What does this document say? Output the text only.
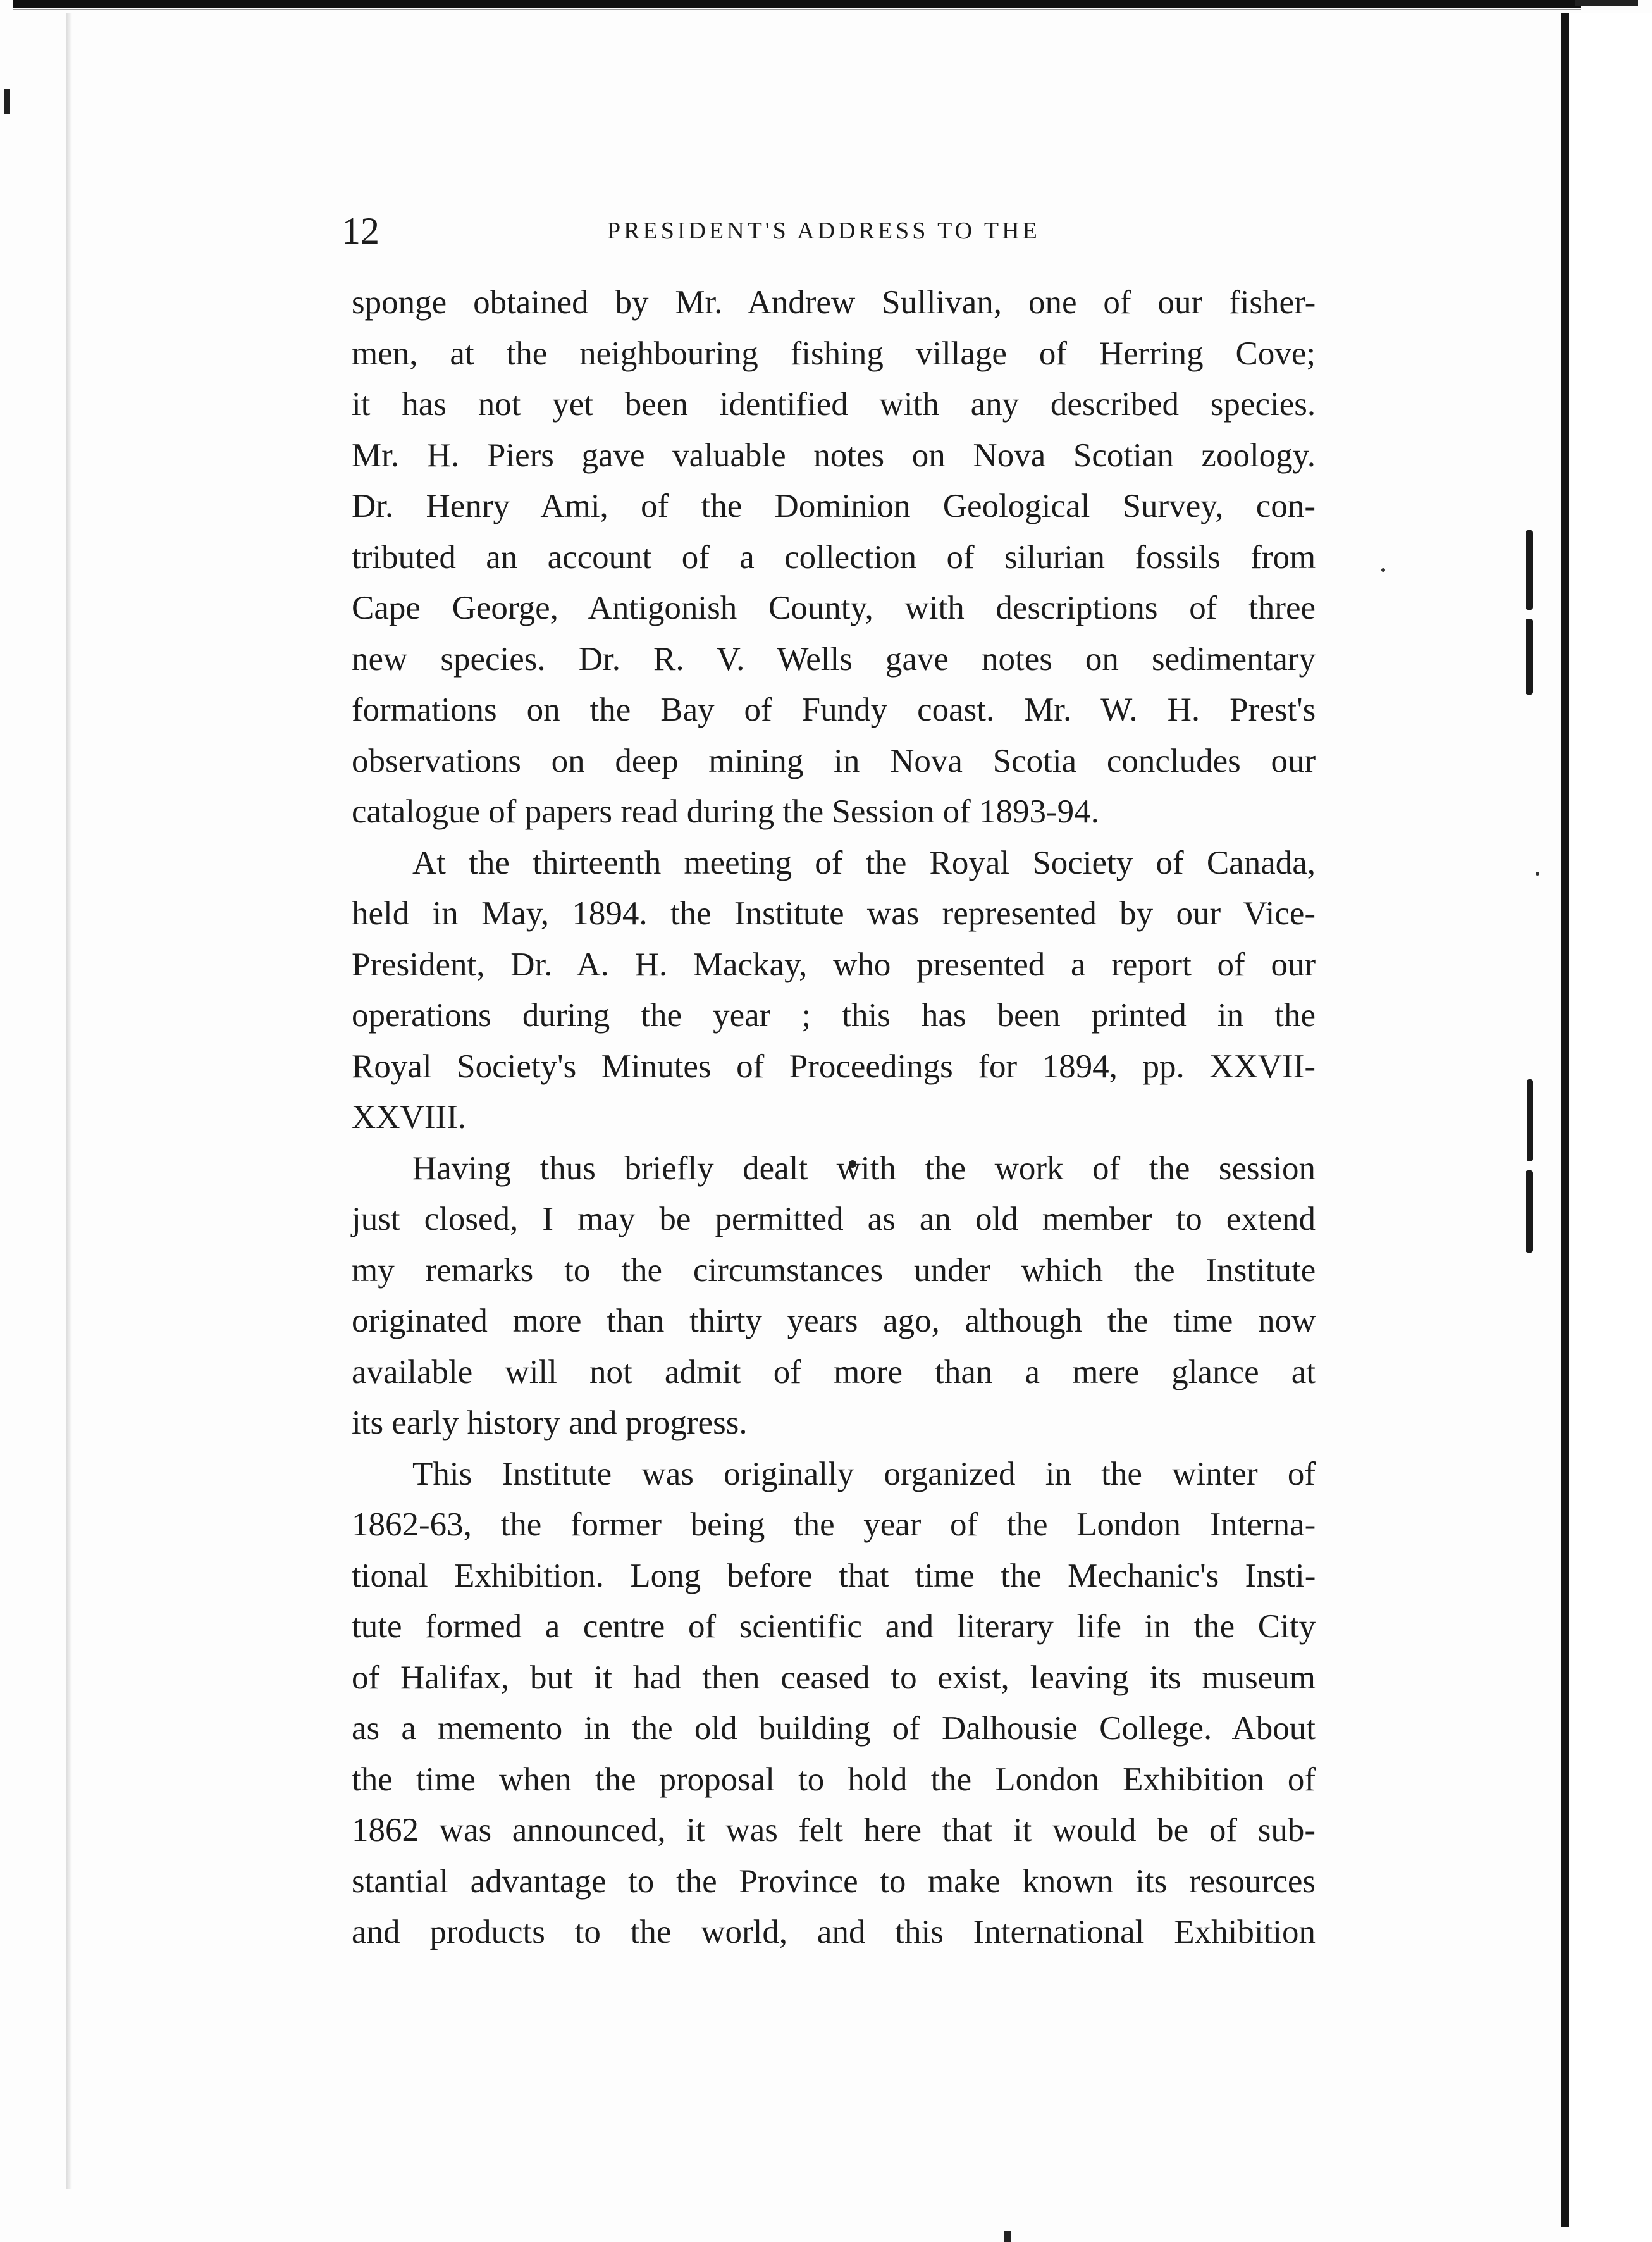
12	PRESIDENT'S ADDRESS TO THE

sponge obtained by Mr. Andrew Sullivan, one of our fisher-
men, at the neighbouring fishing village of Herring Cove;
it has not yet been identified with any described species.
Mr. H. Piers gave valuable notes on Nova Scotian zoology.
Dr. Henry Ami, of the Dominion Geological Survey, con-
tributed an account of a collection of silurian fossils from
Cape George, Antigonish County, with descriptions of three
new species. Dr. R. V. Wells gave notes on sedimentary
formations on the Bay of Fundy coast. Mr. W. H. Prest's
observations on deep mining in Nova Scotia concludes our
catalogue of papers read during the Session of 1893-94.

At the thirteenth meeting of the Royal Society of Canada,
held in May, 1894. the Institute was represented by our Vice-
President, Dr. A. H. Mackay, who presented a report of our
operations during the year ; this has been printed in the
Royal Society's Minutes of Proceedings for 1894, pp. XXVII-
XXVIII.

Having thus briefly dealt with the work of the session
just closed, I may be permitted as an old member to extend
my remarks to the circumstances under which the Institute
originated more than thirty years ago, although the time now
available will not admit of more than a mere glance at
its early history and progress.

This Institute was originally organized in the winter of
1862-63, the former being the year of the London Interna-
tional Exhibition. Long before that time the Mechanic's Insti-
tute formed a centre of scientific and literary life in the City
of Halifax, but it had then ceased to exist, leaving its museum
as a memento in the old building of Dalhousie College. About
the time when the proposal to hold the London Exhibition of
1862 was announced, it was felt here that it would be of sub-
stantial advantage to the Province to make known its resources
and products to the world, and this International Exhibition
